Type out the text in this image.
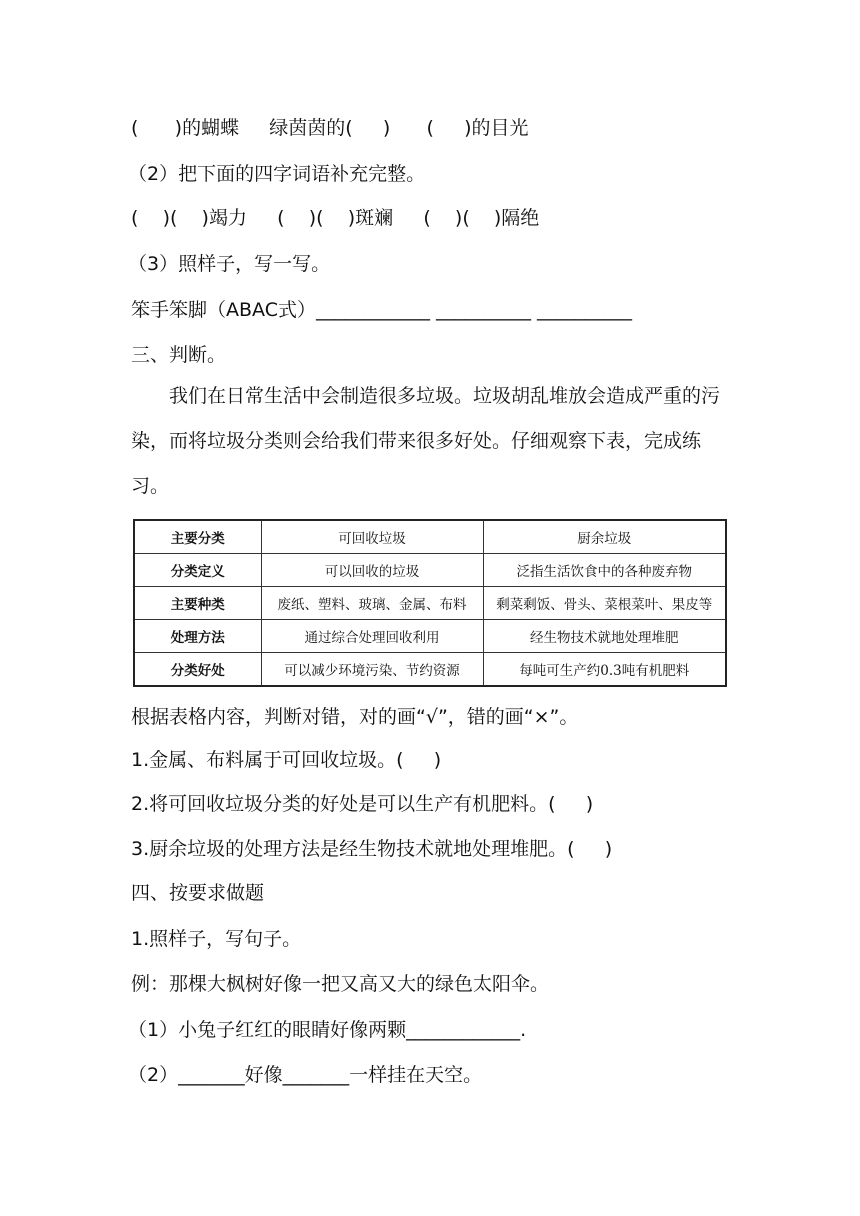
(      )的蝴蝶     绿茵茵的(     )      (     )的目光
（2）把下面的四字词语补充完整。
(    )(    )竭力     (    )(    )斑斓     (    )(    )隔绝
（3）照样子，写一写。
笨手笨脚（ABAC式）____________ __________ __________
三、判断。
我们在日常生活中会制造很多垃圾。垃圾胡乱堆放会造成严重的污染，而将垃圾分类则会给我们带来很多好处。仔细观察下表，完成练习。
主要分类	可回收垃圾	厨余垃圾
分类定义	可以回收的垃圾	泛指生活饮食中的各种废弃物
主要种类	废纸、塑料、玻璃、金属、布料	剩菜剩饭、骨头、菜根菜叶、果皮等
处理方法	通过综合处理回收利用	经生物技术就地处理堆肥
分类好处	可以减少环境污染、节约资源	每吨可生产约0.3吨有机肥料
根据表格内容，判断对错，对的画“√”，错的画“×”。
1.金属、布料属于可回收垃圾。(     )
2.将可回收垃圾分类的好处是可以生产有机肥料。(     )
3.厨余垃圾的处理方法是经生物技术就地处理堆肥。(     )
四、按要求做题
1.照样子，写句子。
例：那棵大枫树好像一把又高又大的绿色太阳伞。
（1）小兔子红红的眼睛好像两颗____________.
（2）_______好像_______一样挂在天空。
